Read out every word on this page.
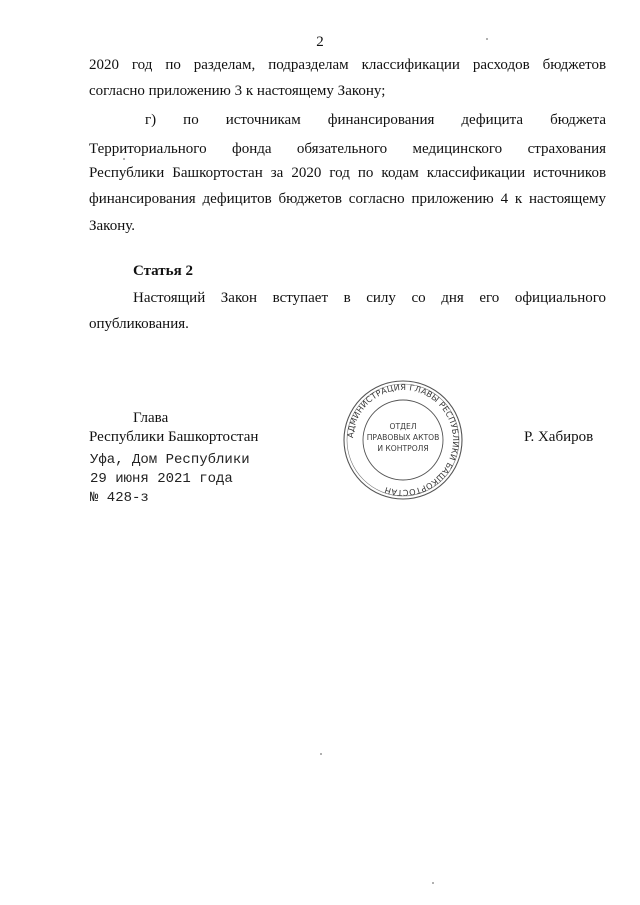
2
2020 год по разделам, подразделам классификации расходов бюджетов
согласно приложению 3 к настоящему Закону;
г) по источникам финансирования дефицита бюджета
Территориального фонда обязательного медицинского страхования
Республики Башкортостан за 2020 год по кодам классификации источников
финансирования дефицитов бюджетов согласно приложению 4 к настоящему
Закону.
Статья 2
Настоящий Закон вступает в силу со дня его официального
опубликования.
Глава
Республики Башкортостан	Р. Хабиров
Уфа, Дом Республики
29 июня 2021 года
№ 428-з
АДМИНИСТРАЦИЯ ГЛАВЫ РЕСПУБЛИКИ БАШКОРТОСТАН
ОТДЕЛ
ПРАВОВЫХ АКТОВ
И КОНТРОЛЯ
